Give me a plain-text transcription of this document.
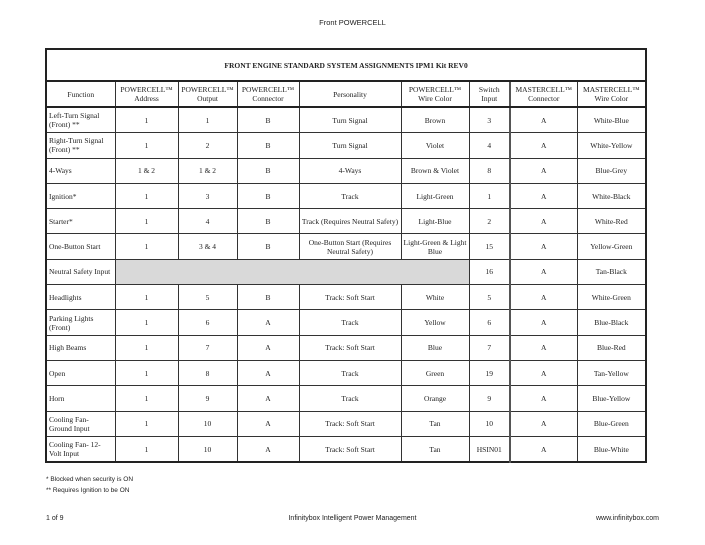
Front POWERCELL
FRONT ENGINE STANDARD SYSTEM ASSIGNMENTS IPM1 Kit REV0								
Function	POWERCELL™ Address	POWERCELL™ Output	POWERCELL™ Connector	Personality	POWERCELL™ Wire Color	Switch Input	MASTERCELL™ Connector	MASTERCELL™ Wire Color
Left-Turn Signal (Front) **	1	1	B	Turn Signal	Brown	3	A	White-Blue
Right-Turn Signal (Front) **	1	2	B	Turn Signal	Violet	4	A	White-Yellow
4-Ways	1 & 2	1 & 2	B	4-Ways	Brown & Violet	8	A	Blue-Grey
Ignition*	1	3	B	Track	Light-Green	1	A	White-Black
Starter*	1	4	B	Track (Requires Neutral Safety)	Light-Blue	2	A	White-Red
One-Button Start	1	3 & 4	B	One-Button Start (Requires Neutral Safety)	Light-Green & Light Blue	15	A	Yellow-Green
Neutral Safety Input						16	A	Tan-Black
Headlights	1	5	B	Track: Soft Start	White	5	A	White-Green
Parking Lights (Front)	1	6	A	Track	Yellow	6	A	Blue-Black
High Beams	1	7	A	Track: Soft Start	Blue	7	A	Blue-Red
Open	1	8	A	Track	Green	19	A	Tan-Yellow
Horn	1	9	A	Track	Orange	9	A	Blue-Yellow
Cooling Fan- Ground Input	1	10	A	Track: Soft Start	Tan	10	A	Blue-Green
Cooling Fan- 12-Volt Input	1	10	A	Track: Soft Start	Tan	HSIN01	A	Blue-White
* Blocked when security is ON
** Requires Ignition to be ON
Infinitybox Intelligent Power Management
1 of 9	www.infinitybox.com
